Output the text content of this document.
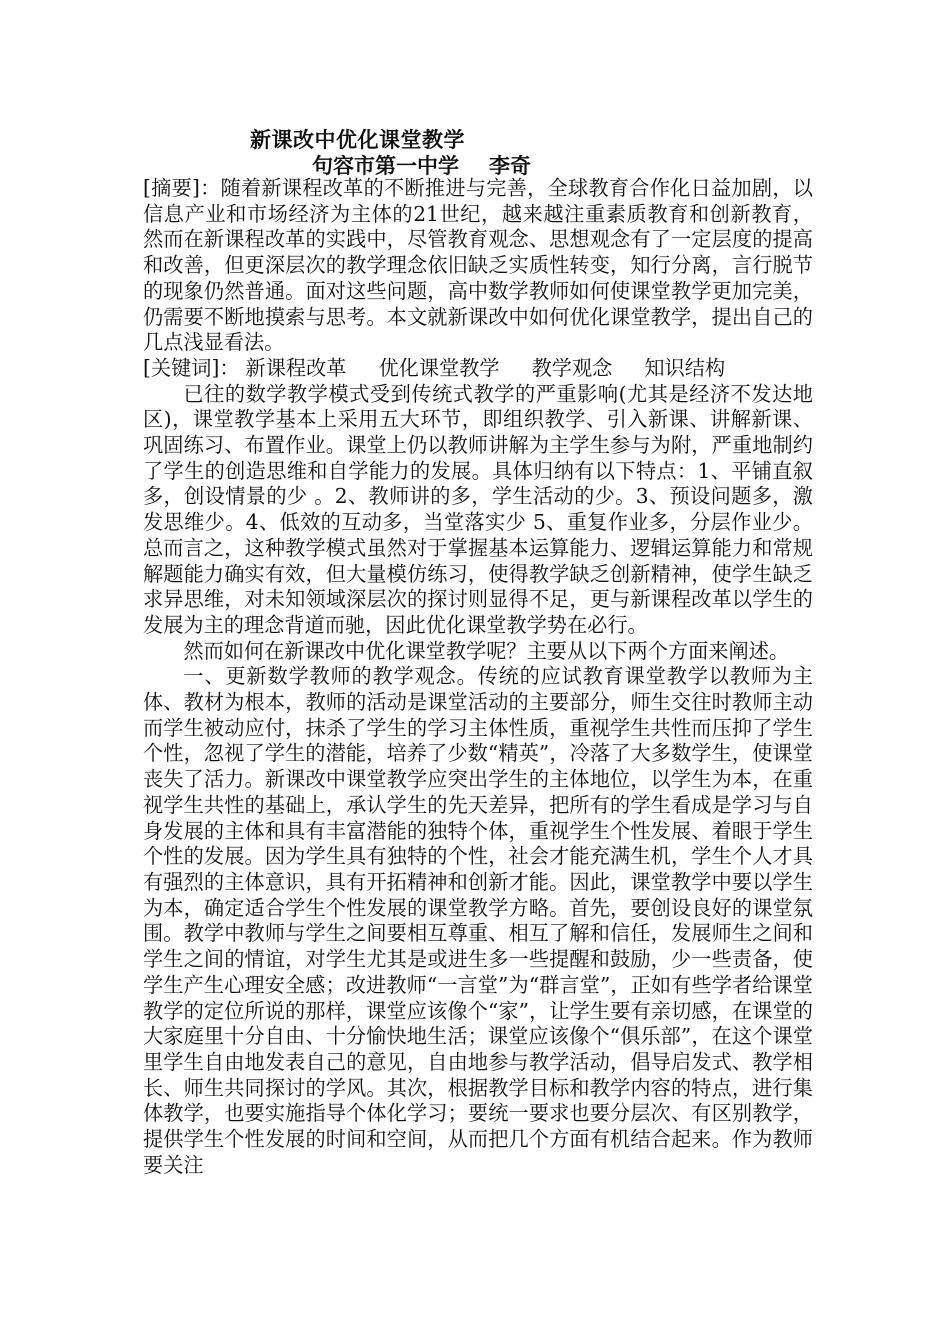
新课改中优化课堂教学
句容市第一中学 李奇

[摘要]：随着新课程改革的不断推进与完善，全球教育合作化日益加剧，以信息产业和市场经济为主体的21世纪，越来越注重素质教育和创新教育，然而在新课程改革的实践中，尽管教育观念、思想观念有了一定层度的提高和改善，但更深层次的教学理念依旧缺乏实质性转变，知行分离，言行脱节的现象仍然普通。面对这些问题，高中数学教师如何使课堂教学更加完美，仍需要不断地摸索与思考。本文就新课改中如何优化课堂教学，提出自己的几点浅显看法。

[关键词]： 新课程改革 优化课堂教学 教学观念 知识结构

已往的数学教学模式受到传统式教学的严重影响(尤其是经济不发达地区)，课堂教学基本上采用五大环节，即组织教学、引入新课、讲解新课、巩固练习、布置作业。课堂上仍以教师讲解为主学生参与为附，严重地制约了学生的创造思维和自学能力的发展。具体归纳有以下特点：1、平铺直叙多，创设情景的少 。2、教师讲的多，学生活动的少。3、预设问题多，激发思维少。4、低效的互动多，当堂落实少 5、重复作业多，分层作业少。总而言之，这种教学模式虽然对于掌握基本运算能力、逻辑运算能力和常规解题能力确实有效，但大量模仿练习，使得教学缺乏创新精神，使学生缺乏求异思维，对未知领域深层次的探讨则显得不足，更与新课程改革以学生的发展为主的理念背道而驰，因此优化课堂教学势在必行。

然而如何在新课改中优化课堂教学呢？主要从以下两个方面来阐述。

一、更新数学教师的教学观念。传统的应试教育课堂教学以教师为主体、教材为根本，教师的活动是课堂活动的主要部分，师生交往时教师主动而学生被动应付，抹杀了学生的学习主体性质，重视学生共性而压抑了学生个性，忽视了学生的潜能，培养了少数“精英”，冷落了大多数学生，使课堂丧失了活力。新课改中课堂教学应突出学生的主体地位，以学生为本，在重视学生共性的基础上，承认学生的先天差异，把所有的学生看成是学习与自身发展的主体和具有丰富潜能的独特个体，重视学生个性发展、着眼于学生个性的发展。因为学生具有独特的个性，社会才能充满生机，学生个人才具有强烈的主体意识，具有开拓精神和创新才能。因此，课堂教学中要以学生为本，确定适合学生个性发展的课堂教学方略。首先，要创设良好的课堂氛围。教学中教师与学生之间要相互尊重、相互了解和信任，发展师生之间和学生之间的情谊，对学生尤其是或进生多一些提醒和鼓励，少一些责备，使学生产生心理安全感；改进教师“一言堂”为“群言堂”，正如有些学者给课堂教学的定位所说的那样，课堂应该像个“家”，让学生要有亲切感，在课堂的大家庭里十分自由、十分愉快地生活；课堂应该像个“俱乐部”，在这个课堂里学生自由地发表自己的意见，自由地参与教学活动，倡导启发式、教学相长、师生共同探讨的学风。其次，根据教学目标和教学内容的特点，进行集体教学，也要实施指导个体化学习；要统一要求也要分层次、有区别教学，提供学生个性发展的时间和空间，从而把几个方面有机结合起来。作为教师要关注
